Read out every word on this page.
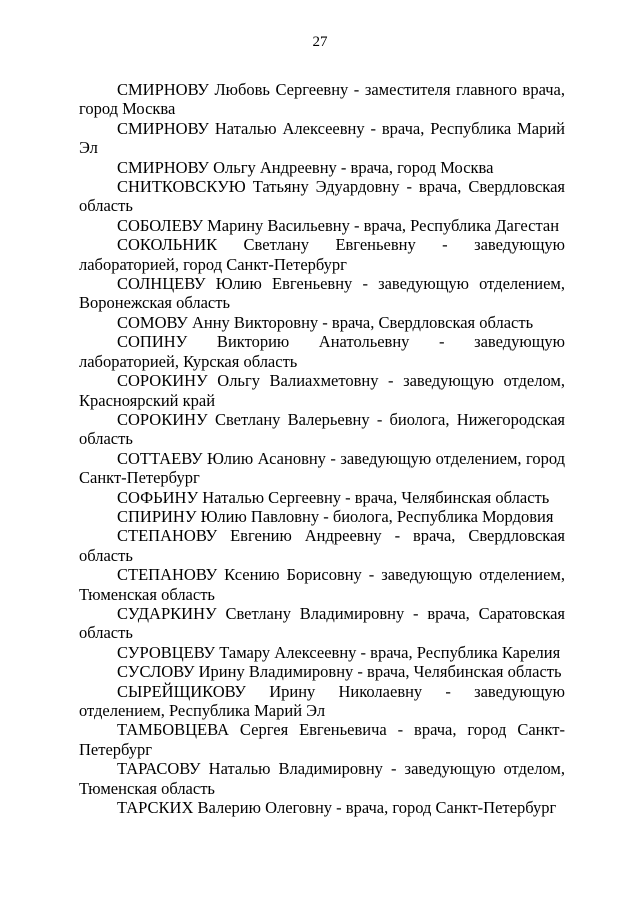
27

СМИРНОВУ Любовь Сергеевну - заместителя главного врача, город Москва

СМИРНОВУ Наталью Алексеевну - врача, Республика Марий Эл

СМИРНОВУ Ольгу Андреевну - врача, город Москва

СНИТКОВСКУЮ Татьяну Эдуардовну - врача, Свердловская область

СОБОЛЕВУ Марину Васильевну - врача, Республика Дагестан

СОКОЛЬНИК Светлану Евгеньевну - заведующую лабораторией, город Санкт-Петербург

СОЛНЦЕВУ Юлию Евгеньевну - заведующую отделением, Воронежская область

СОМОВУ Анну Викторовну - врача, Свердловская область

СОПИНУ Викторию Анатольевну - заведующую лабораторией, Курская область

СОРОКИНУ Ольгу Валиахметовну - заведующую отделом, Красноярский край

СОРОКИНУ Светлану Валерьевну - биолога, Нижегородская область

СОТТАЕВУ Юлию Асановну - заведующую отделением, город Санкт-Петербург

СОФЬИНУ Наталью Сергеевну - врача, Челябинская область

СПИРИНУ Юлию Павловну - биолога, Республика Мордовия

СТЕПАНОВУ Евгению Андреевну - врача, Свердловская область

СТЕПАНОВУ Ксению Борисовну - заведующую отделением, Тюменская область

СУДАРКИНУ Светлану Владимировну - врача, Саратовская область

СУРОВЦЕВУ Тамару Алексеевну - врача, Республика Карелия

СУСЛОВУ Ирину Владимировну - врача, Челябинская область

СЫРЕЙЩИКОВУ Ирину Николаевну - заведующую отделением, Республика Марий Эл

ТАМБОВЦЕВА Сергея Евгеньевича - врача, город Санкт-Петербург

ТАРАСОВУ Наталью Владимировну - заведующую отделом, Тюменская область

ТАРСКИХ Валерию Олеговну - врача, город Санкт-Петербург
